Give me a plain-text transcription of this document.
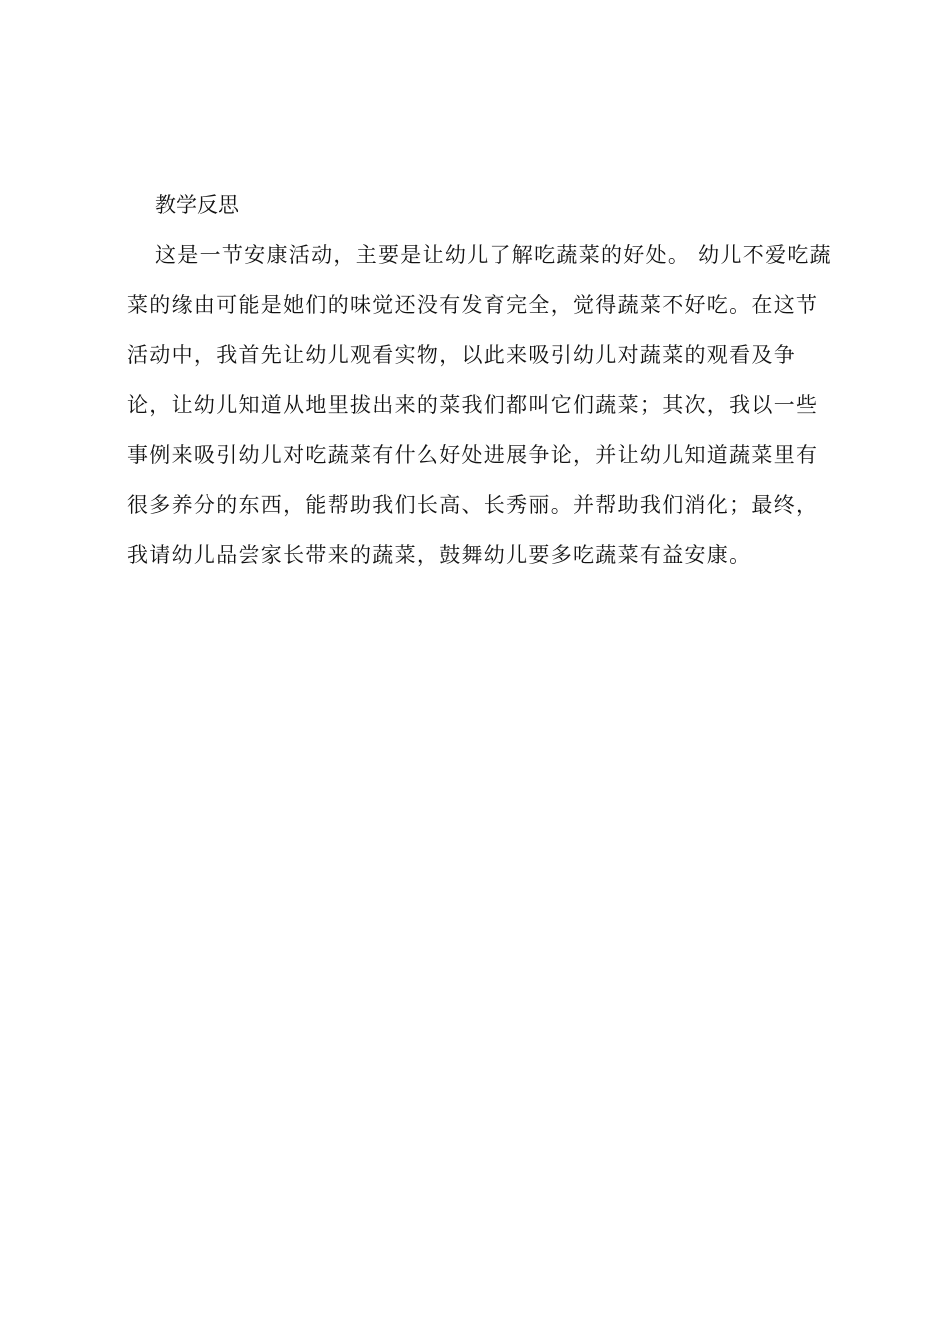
教学反思
这是一节安康活动，主要是让幼儿了解吃蔬菜的好处。 幼儿不爱吃蔬
菜的缘由可能是她们的味觉还没有发育完全，觉得蔬菜不好吃。在这节
活动中，我首先让幼儿观看实物，以此来吸引幼儿对蔬菜的观看及争
论，让幼儿知道从地里拔出来的菜我们都叫它们蔬菜；其次，我以一些
事例来吸引幼儿对吃蔬菜有什么好处进展争论，并让幼儿知道蔬菜里有
很多养分的东西，能帮助我们长高、长秀丽。并帮助我们消化；最终，
我请幼儿品尝家长带来的蔬菜，鼓舞幼儿要多吃蔬菜有益安康。
